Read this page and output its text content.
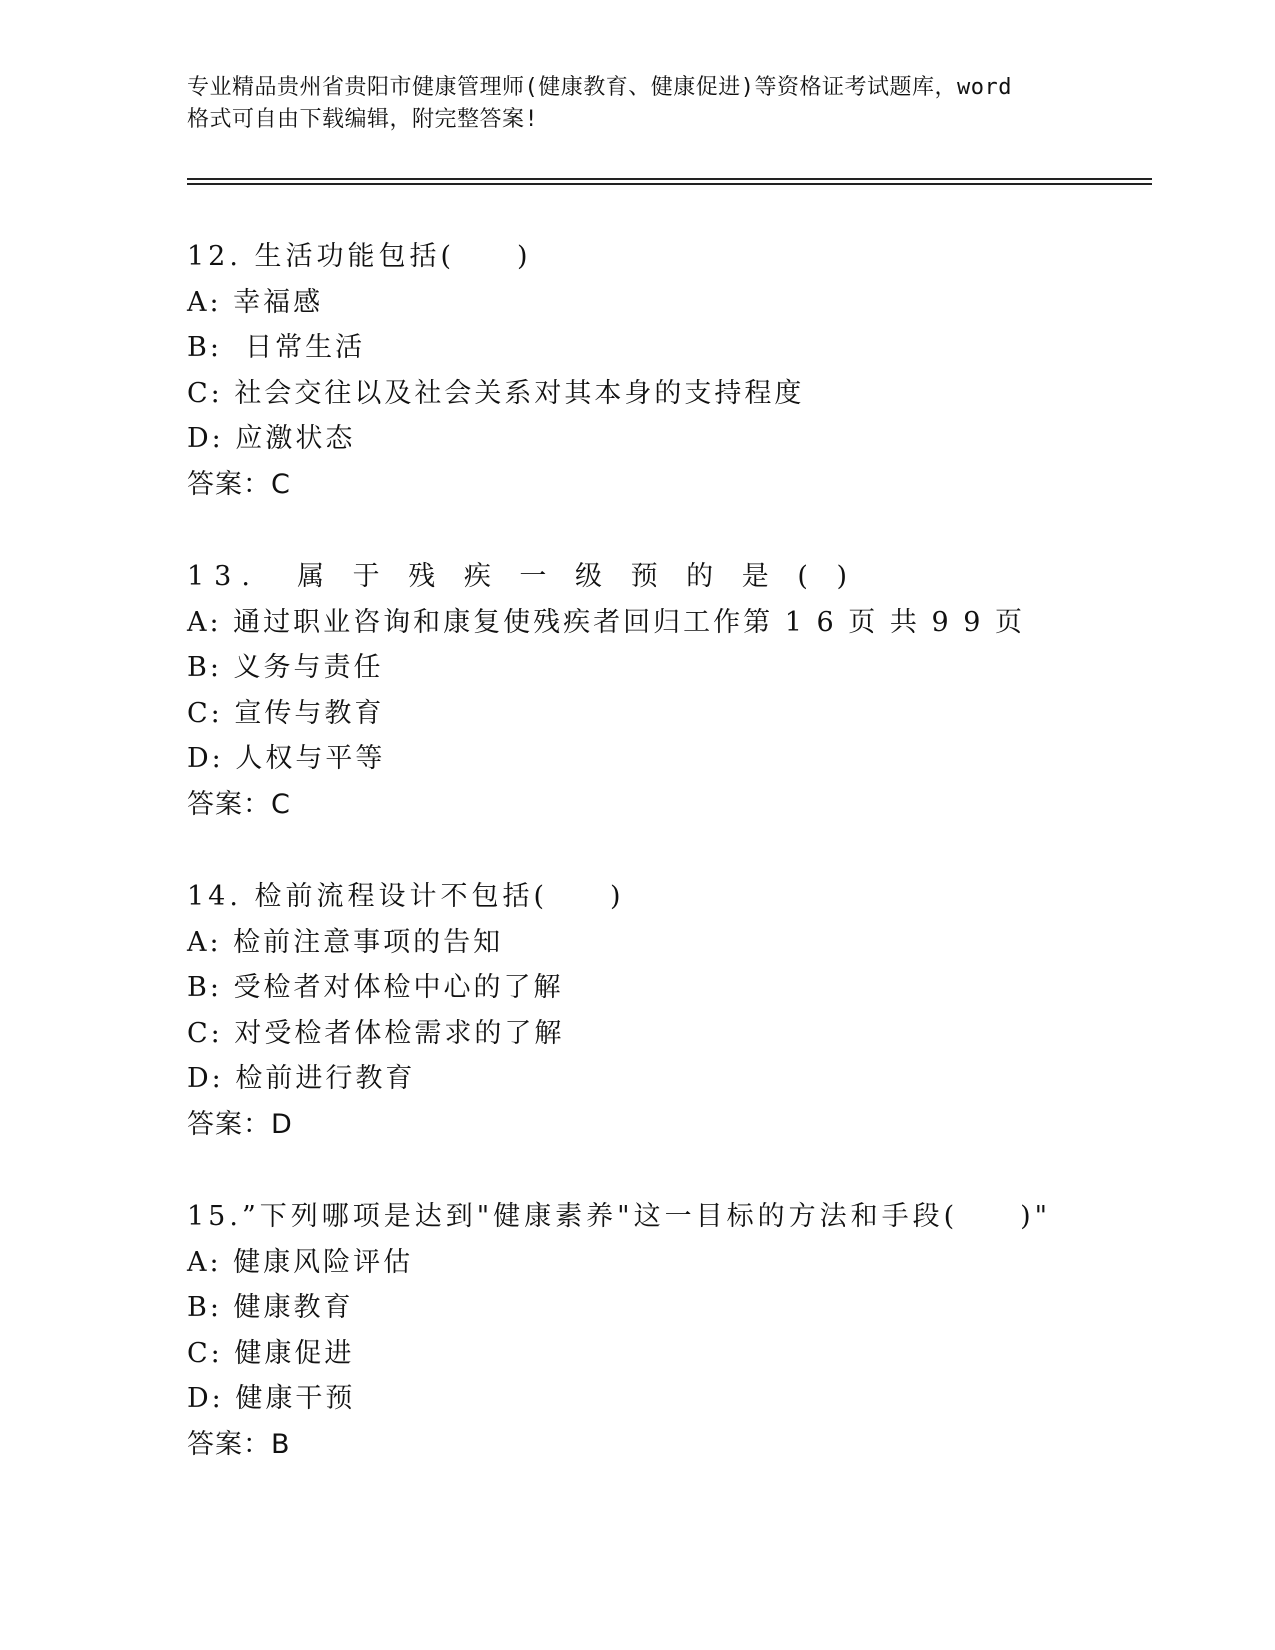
专业精品贵州省贵阳市健康管理师(健康教育、健康促进)等资格证考试题库，word
格式可自由下载编辑，附完整答案!
12. 生活功能包括(　　)
A: 幸福感
B:  日常生活
C: 社会交往以及社会关系对其本身的支持程度
D: 应激状态
答案：C
13.  属 于 残 疾 一 级 预 的 是 ( )
A: 通过职业咨询和康复使残疾者回归工作第 1 6 页 共 9 9 页
B: 义务与责任
C: 宣传与教育
D: 人权与平等
答案：C
14. 检前流程设计不包括(　　)
A: 检前注意事项的告知
B: 受检者对体检中心的了解
C: 对受检者体检需求的了解
D: 检前进行教育
答案：D
15.”下列哪项是达到"健康素养"这一目标的方法和手段(　　)"
A: 健康风险评估
B: 健康教育
C: 健康促进
D: 健康干预
答案：B
